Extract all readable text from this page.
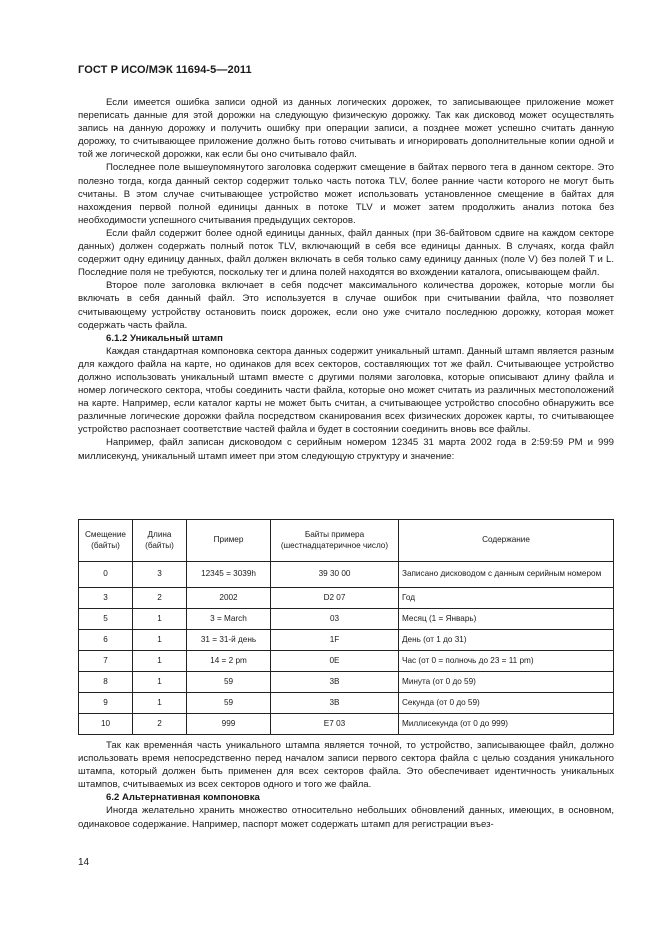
ГОСТ Р ИСО/МЭК 11694-5—2011

Если имеется ошибка записи одной из данных логических дорожек, то записывающее приложение может переписать данные для этой дорожки на следующую физическую дорожку. Так как дисковод может осуществлять запись на данную дорожку и получить ошибку при операции записи, а позднее может успешно считать данную дорожку, то считывающее приложение должно быть готово считывать и игнорировать дополнительные копии одной и той же логической дорожки, как если бы оно считывало файл.

Последнее поле вышеупомянутого заголовка содержит смещение в байтах первого тега в данном секторе. Это полезно тогда, когда данный сектор содержит только часть потока TLV, более ранние части которого не могут быть считаны. В этом случае считывающее устройство может использовать установленное смещение в байтах для нахождения первой полной единицы данных в потоке TLV и может затем продолжить анализ потока без необходимости успешного считывания предыдущих секторов.

Если файл содержит более одной единицы данных, файл данных (при 36-байтовом сдвиге на каждом секторе данных) должен содержать полный поток TLV, включающий в себя все единицы данных. В случаях, когда файл содержит одну единицу данных, файл должен включать в себя только саму единицу данных (поле V) без полей T и L. Последние поля не требуются, поскольку тег и длина полей находятся во вхождении каталога, описывающем файл.

Второе поле заголовка включает в себя подсчет максимального количества дорожек, которые могли бы включать в себя данный файл. Это используется в случае ошибок при считывании файла, что позволяет считывающему устройству остановить поиск дорожек, если оно уже считало последнюю дорожку, которая может содержать часть файла.

6.1.2 Уникальный штамп

Каждая стандартная компоновка сектора данных содержит уникальный штамп. Данный штамп является разным для каждого файла на карте, но одинаков для всех секторов, составляющих тот же файл. Считывающее устройство должно использовать уникальный штамп вместе с другими полями заголовка, которые описывают длину файла и номер логического сектора, чтобы соединить части файла, которые оно может считать из различных местоположений на карте. Например, если каталог карты не может быть считан, а считывающее устройство способно обнаружить все различные логические дорожки файла посредством сканирования всех физических дорожек карты, то считывающее устройство распознает соответствие частей файла и будет в состоянии соединить вновь все файлы.

Например, файл записан дисководом с серийным номером 12345 31 марта 2002 года в 2:59:59 PM и 999 миллисекунд, уникальный штамп имеет при этом следующую структуру и значение:

Смещение (байты)	Длина (байты)	Пример	Байты примера (шестнадцатеричное число)	Содержание
0	3	12345 = 3039h	39 30 00	Записано дисководом с данным серийным номером
3	2	2002	D2 07	Год
5	1	3 = March	03	Месяц (1 = Январь)
6	1	31 = 31-й день	1F	День (от 1 до 31)
7	1	14 = 2 pm	0E	Час (от 0 = полночь до 23 = 11 pm)
8	1	59	3B	Минута (от 0 до 59)
9	1	59	3B	Секунда (от 0 до 59)
10	2	999	E7 03	Миллисекунда (от 0 до 999)

Так как временна́я часть уникального штампа является точной, то устройство, записывающее файл, должно использовать время непосредственно перед началом записи первого сектора файла с целью создания уникального штампа, который должен быть применен для всех секторов файла. Это обеспечивает идентичность уникальных штампов, считываемых из всех секторов одного и того же файла.

6.2 Альтернативная компоновка

Иногда желательно хранить множество относительно небольших обновлений данных, имеющих, в основном, одинаковое содержание. Например, паспорт может содержать штамп для регистрации въез-

14
